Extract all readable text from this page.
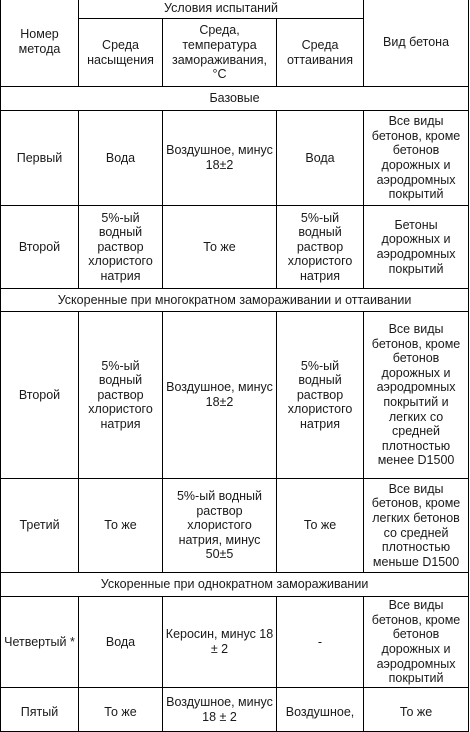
Номер метода	Условия испытаний			Вид бетона
	Среда насыщения	Среда, температура замораживания, °С	Среда оттаивания	
Базовые				
Первый	Вода	Воздушное, минус 18±2	Вода	Все виды бетонов, кроме бетонов дорожных и аэродромных покрытий
Второй	5%-ый водный раствор хлористого натрия	То же	5%-ый водный раствор хлористого натрия	Бетоны дорожных и аэродромных покрытий
Ускоренные при многократном замораживании и оттаивании				
Второй	5%-ый водный раствор хлористого натрия	Воздушное, минус 18±2	5%-ый водный раствор хлористого натрия	Все виды бетонов, кроме бетонов дорожных и аэродромных покрытий и легких со средней плотностью менее D1500
Третий	То же	5%-ый водный раствор хлористого натрия, минус 50±5	То же	Все виды бетонов, кроме легких бетонов со средней плотностью меньше D1500
Ускоренные при однократном замораживании				
Четвертый *	Вода	Керосин, минус 18 ± 2	-	Все виды бетонов, кроме бетонов дорожных и аэродромных покрытий
Пятый	То же	Воздушное, минус 18 ± 2	Воздушное,	То же
